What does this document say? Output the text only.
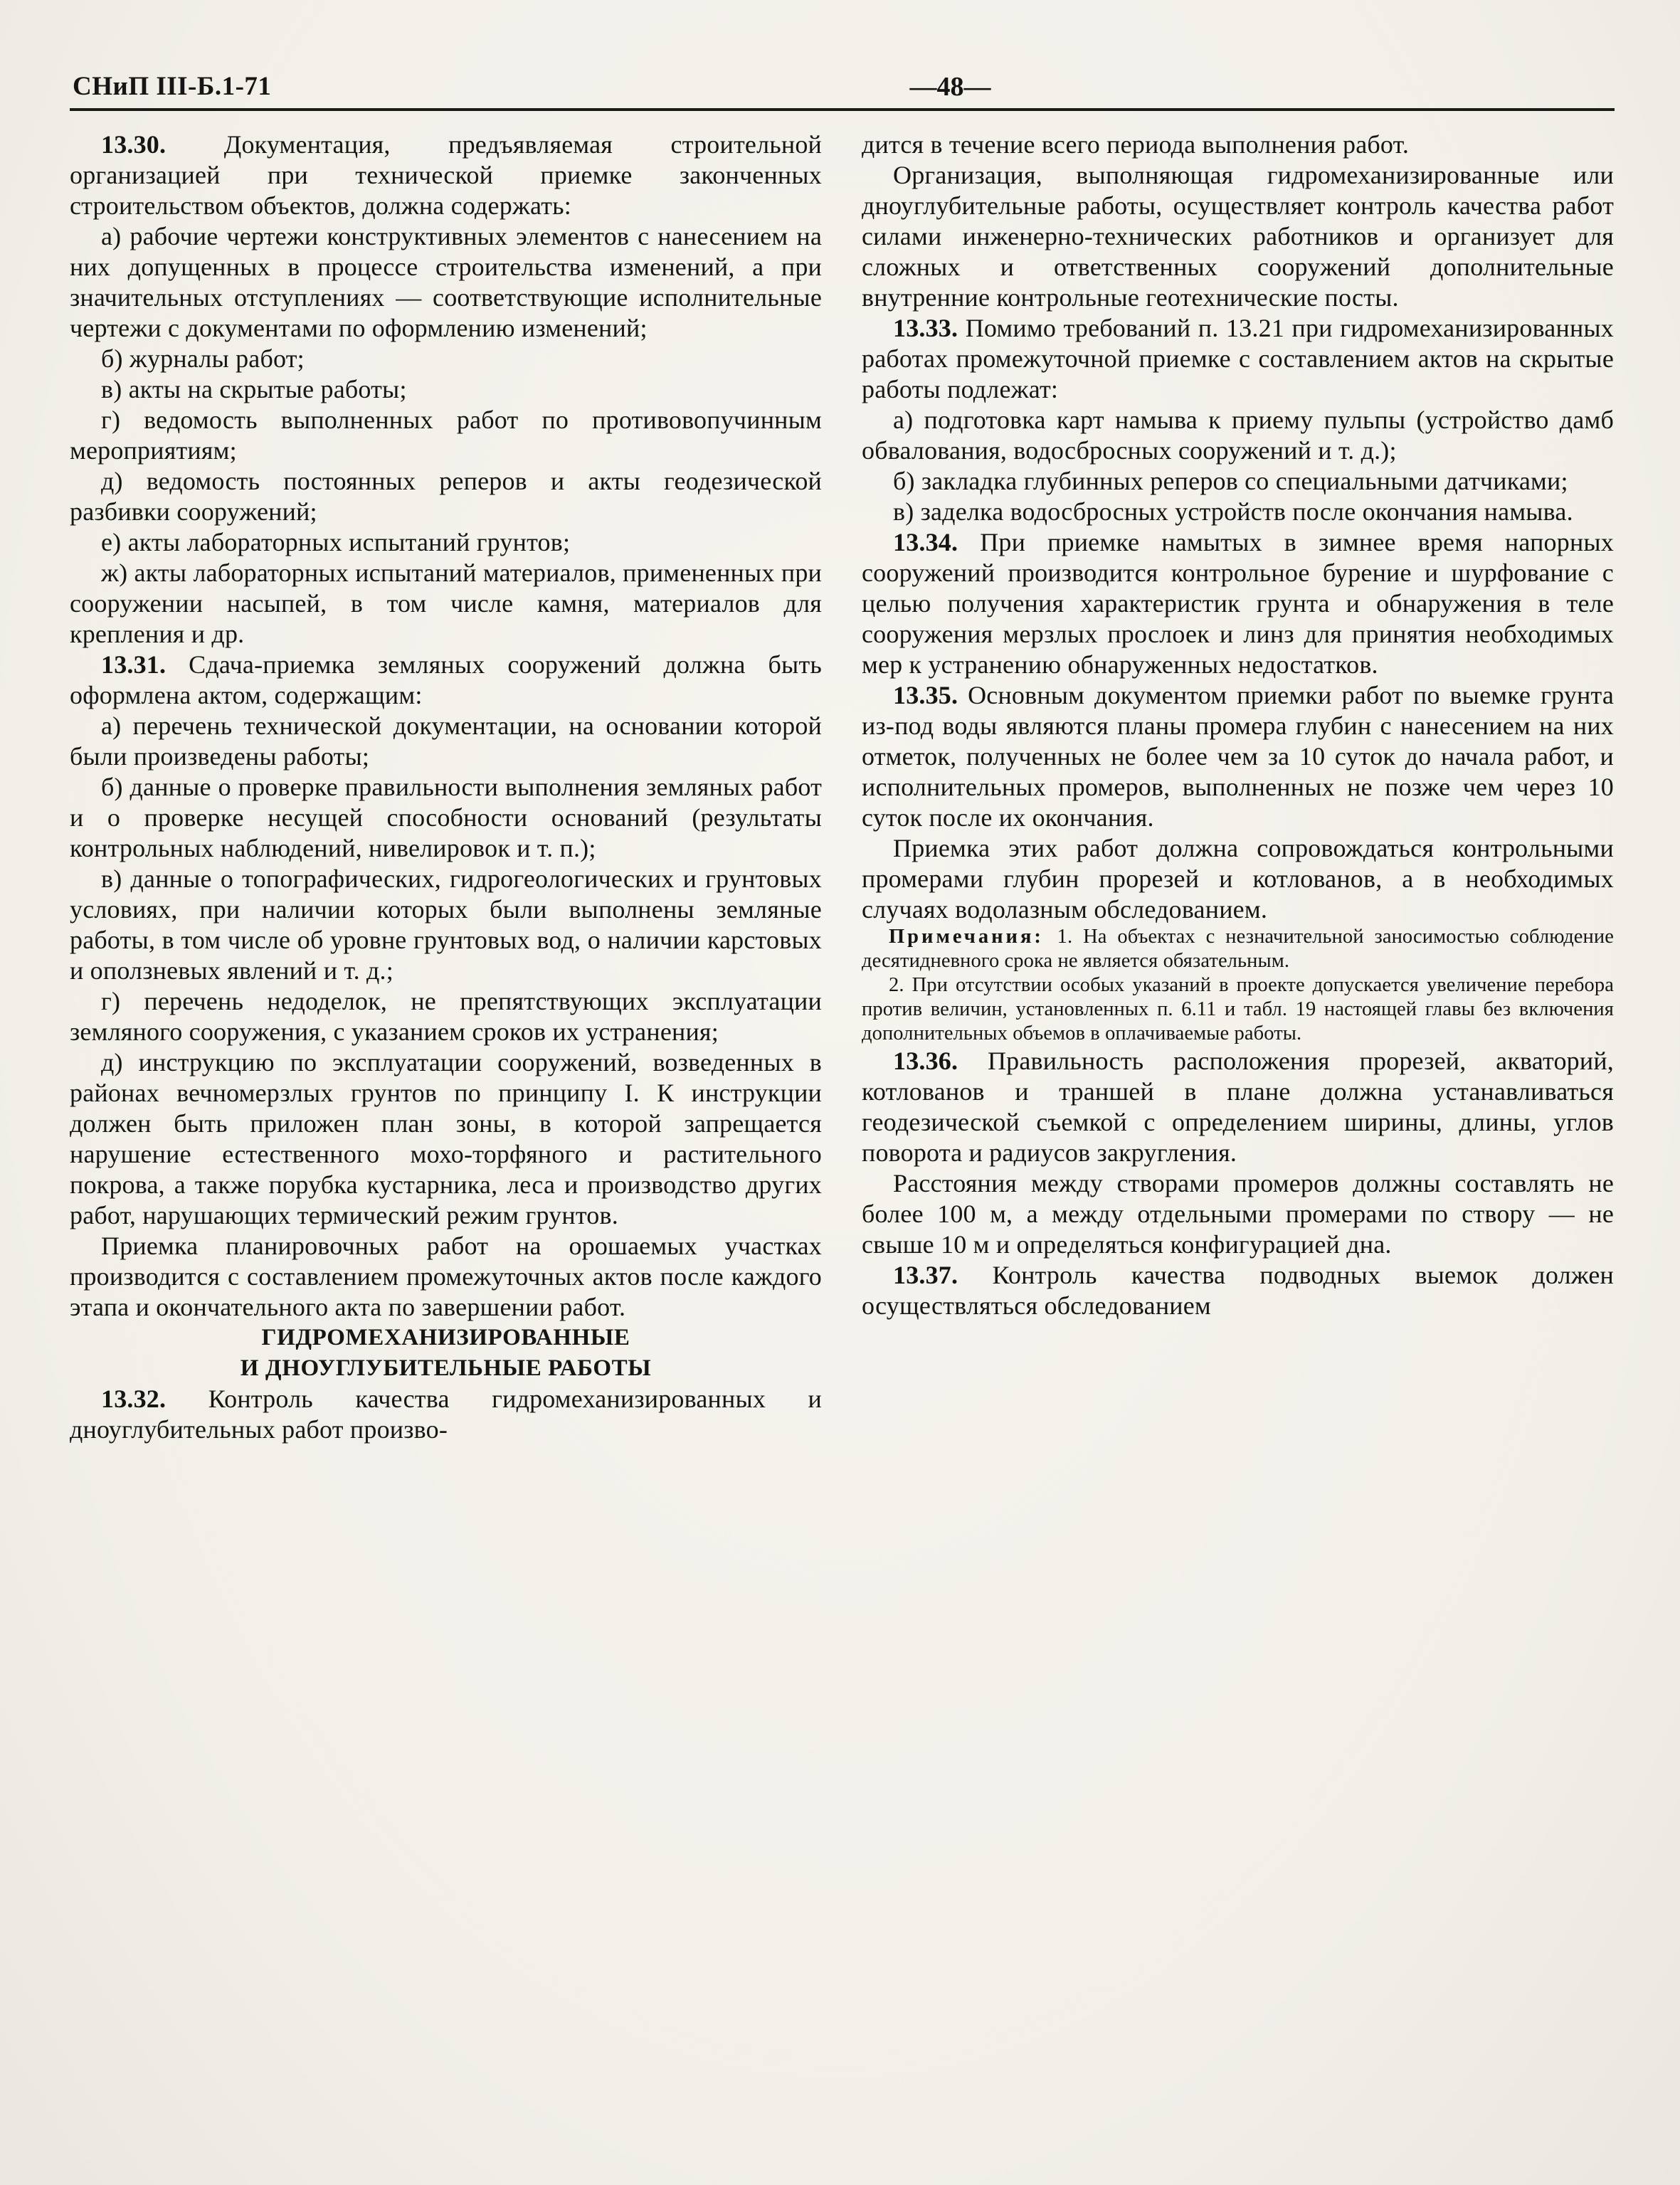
СНиП III-Б.1-71	—48—

13.30. Документация, предъявляемая строительной организацией при технической приемке законченных строительством объектов, должна содержать:

а) рабочие чертежи конструктивных элементов с нанесением на них допущенных в процессе строительства изменений, а при значительных отступлениях — соответствующие исполнительные чертежи с документами по оформлению изменений;

б) журналы работ;

в) акты на скрытые работы;

г) ведомость выполненных работ по противовопучинным мероприятиям;

д) ведомость постоянных реперов и акты геодезической разбивки сооружений;

е) акты лабораторных испытаний грунтов;

ж) акты лабораторных испытаний материалов, примененных при сооружении насыпей, в том числе камня, материалов для крепления и др.

13.31. Сдача-приемка земляных сооружений должна быть оформлена актом, содержащим:

а) перечень технической документации, на основании которой были произведены работы;

б) данные о проверке правильности выполнения земляных работ и о проверке несущей способности оснований (результаты контрольных наблюдений, нивелировок и т. п.);

в) данные о топографических, гидрогеологических и грунтовых условиях, при наличии которых были выполнены земляные работы, в том числе об уровне грунтовых вод, о наличии карстовых и оползневых явлений и т. д.;

г) перечень недоделок, не препятствующих эксплуатации земляного сооружения, с указанием сроков их устранения;

д) инструкцию по эксплуатации сооружений, возведенных в районах вечномерзлых грунтов по принципу I. К инструкции должен быть приложен план зоны, в которой запрещается нарушение естественного мохо-торфяного и растительного покрова, а также порубка кустарника, леса и производство других работ, нарушающих термический режим грунтов.

Приемка планировочных работ на орошаемых участках производится с составлением промежуточных актов после каждого этапа и окончательного акта по завершении работ.

ГИДРОМЕХАНИЗИРОВАННЫЕ
И ДНОУГЛУБИТЕЛЬНЫЕ РАБОТЫ

13.32. Контроль качества гидромеханизированных и дноуглубительных работ произво-

дится в течение всего периода выполнения работ.

Организация, выполняющая гидромеханизированные или дноуглубительные работы, осуществляет контроль качества работ силами инженерно-технических работников и организует для сложных и ответственных сооружений дополнительные внутренние контрольные геотехнические посты.

13.33. Помимо требований п. 13.21 при гидромеханизированных работах промежуточной приемке с составлением актов на скрытые работы подлежат:

а) подготовка карт намыва к приему пульпы (устройство дамб обвалования, водосбросных сооружений и т. д.);

б) закладка глубинных реперов со специальными датчиками;

в) заделка водосбросных устройств после окончания намыва.

13.34. При приемке намытых в зимнее время напорных сооружений производится контрольное бурение и шурфование с целью получения характеристик грунта и обнаружения в теле сооружения мерзлых прослоек и линз для принятия необходимых мер к устранению обнаруженных недостатков.

13.35. Основным документом приемки работ по выемке грунта из-под воды являются планы промера глубин с нанесением на них отметок, полученных не более чем за 10 суток до начала работ, и исполнительных промеров, выполненных не позже чем через 10 суток после их окончания.

Приемка этих работ должна сопровождаться контрольными промерами глубин прорезей и котлованов, а в необходимых случаях водолазным обследованием.

Примечания: 1. На объектах с незначительной заносимостью соблюдение десятидневного срока не является обязательным.

2. При отсутствии особых указаний в проекте допускается увеличение перебора против величин, установленных п. 6.11 и табл. 19 настоящей главы без включения дополнительных объемов в оплачиваемые работы.

13.36. Правильность расположения прорезей, акваторий, котлованов и траншей в плане должна устанавливаться геодезической съемкой с определением ширины, длины, углов поворота и радиусов закругления.

Расстояния между створами промеров должны составлять не более 100 м, а между отдельными промерами по створу — не свыше 10 м и определяться конфигурацией дна.

13.37. Контроль качества подводных выемок должен осуществляться обследованием
